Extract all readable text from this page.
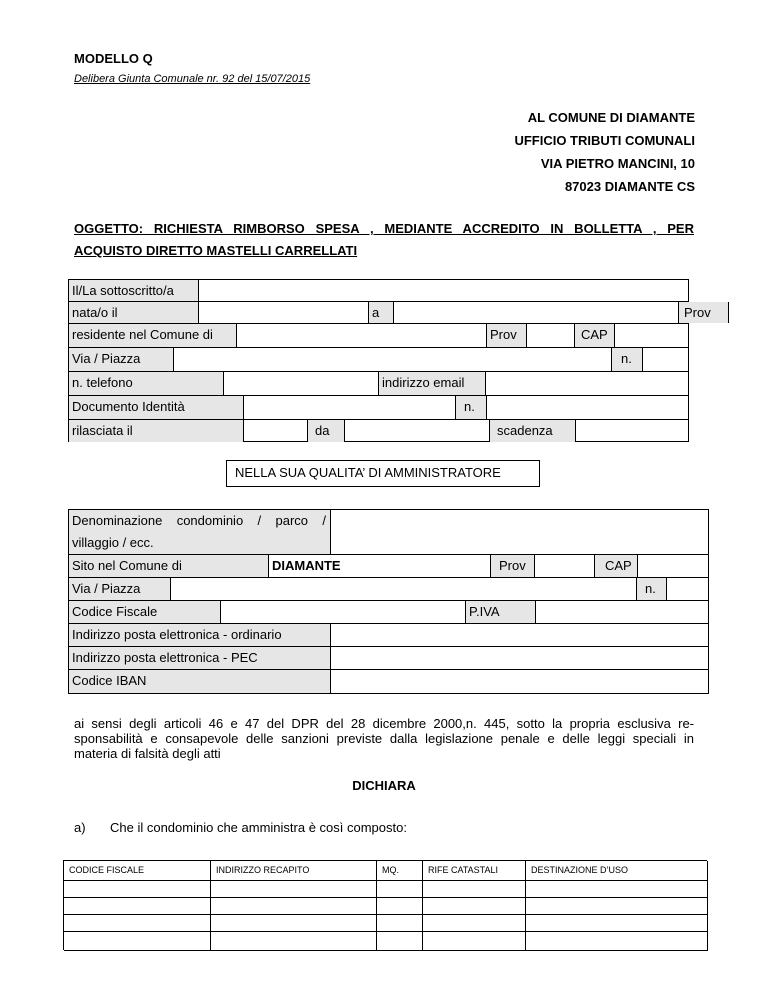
MODELLO Q
Delibera Giunta Comunale nr. 92 del 15/07/2015
AL COMUNE DI DIAMANTE
UFFICIO TRIBUTI COMUNALI
VIA PIETRO MANCINI, 10
87023 DIAMANTE CS
OGGETTO: RICHIESTA RIMBORSO SPESA , MEDIANTE ACCREDITO IN BOLLETTA , PER
ACQUISTO DIRETTO MASTELLI CARRELLATI
Il/La sottoscritto/a
nata/o il	a	Prov
residente nel Comune di	Prov	CAP
Via / Piazza	n.
n. telefono	indirizzo email
Documento Identità	n.
rilasciata il	da	scadenza
NELLA SUA QUALITA’ DI AMMINISTRATORE
Denominazione condominio / parco /
villaggio / ecc.
Sito nel Comune di	DIAMANTE	Prov	CAP
Via / Piazza	n.
Codice Fiscale	P.IVA
Indirizzo posta elettronica - ordinario
Indirizzo posta elettronica - PEC
Codice IBAN
ai sensi degli articoli 46 e 47 del DPR del 28 dicembre 2000,n. 445, sotto la propria esclusiva re-
sponsabilità e consapevole delle sanzioni previste dalla legislazione penale e delle leggi speciali in
materia di falsità degli atti
DICHIARA
a) Che il condominio che amministra è così composto:
CODICE FISCALE	INDIRIZZO RECAPITO	MQ.	RIFE CATASTALI	DESTINAZIONE D’USO
